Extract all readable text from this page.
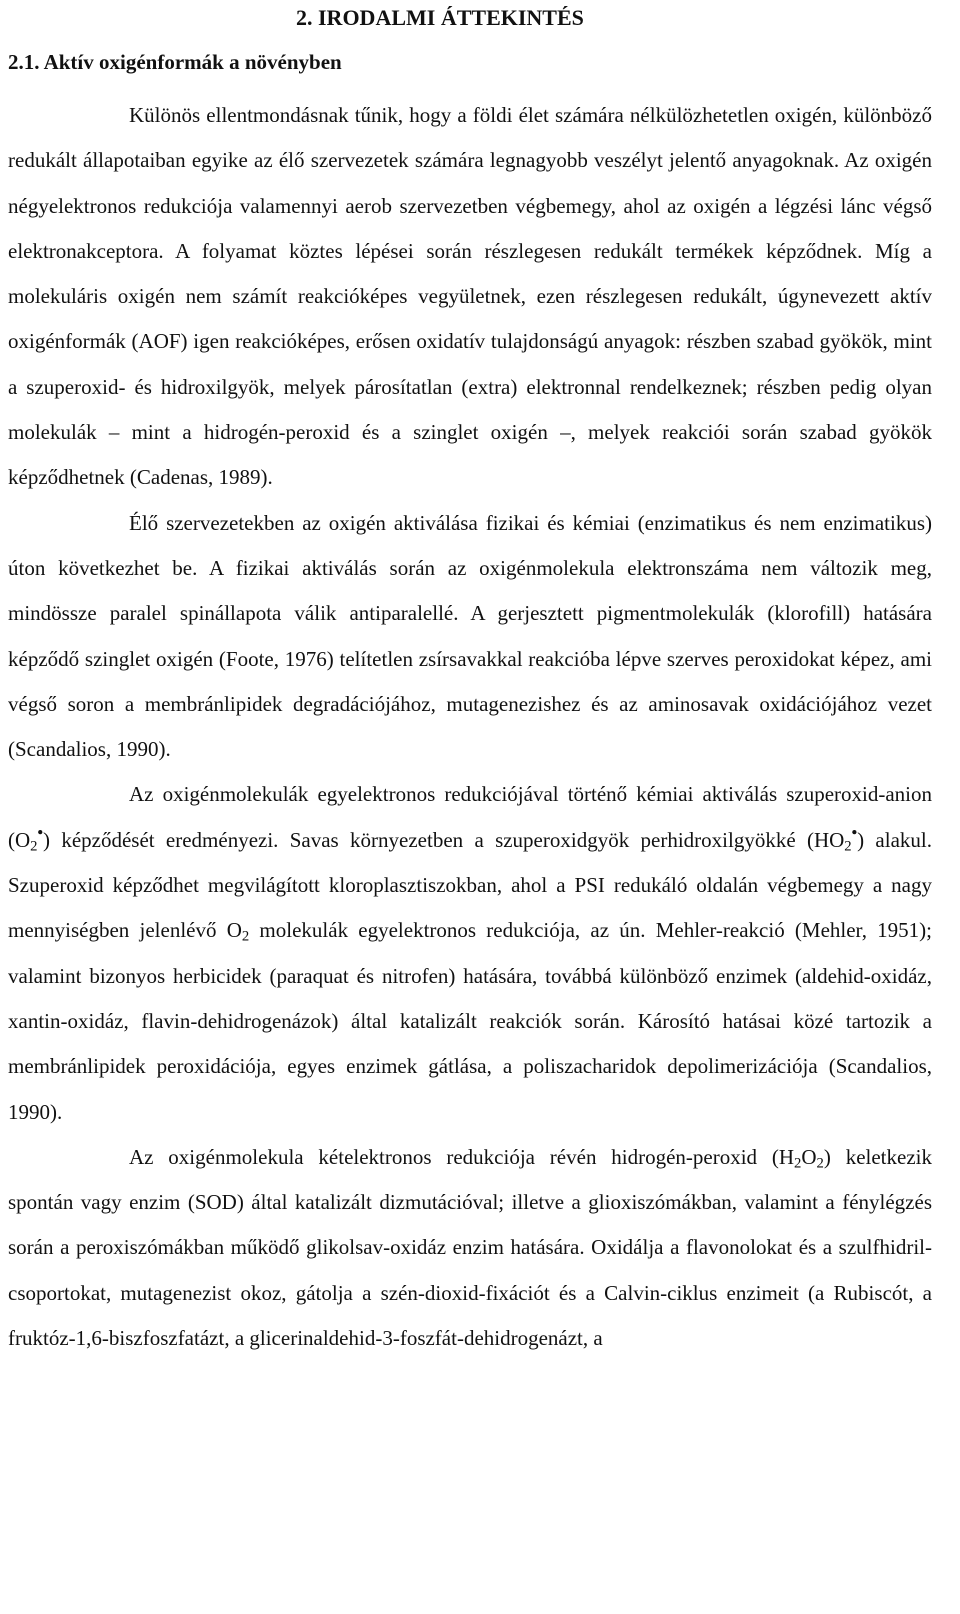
2. IRODALMI ÁTTEKINTÉS
2.1. Aktív oxigénformák a növényben

Különös ellentmondásnak tűnik, hogy a földi élet számára nélkülözhetetlen oxigén, különböző redukált állapotaiban egyike az élő szervezetek számára legnagyobb veszélyt jelentő anyagoknak. Az oxigén négyelektronos redukciója valamennyi aerob szervezetben végbemegy, ahol az oxigén a légzési lánc végső elektronakceptora. A folyamat köztes lépései során részlegesen redukált termékek képződnek. Míg a molekuláris oxigén nem számít reakcióképes vegyületnek, ezen részlegesen redukált, úgynevezett aktív oxigénformák (AOF) igen reakcióképes, erősen oxidatív tulajdonságú anyagok: részben szabad gyökök, mint a szuperoxid- és hidroxilgyök, melyek párosítatlan (extra) elektronnal rendelkeznek; részben pedig olyan molekulák – mint a hidrogén-peroxid és a szinglet oxigén –, melyek reakciói során szabad gyökök képződhetnek (Cadenas, 1989).

Élő szervezetekben az oxigén aktiválása fizikai és kémiai (enzimatikus és nem enzimatikus) úton következhet be. A fizikai aktiválás során az oxigénmolekula elektronszáma nem változik meg, mindössze paralel spinállapota válik antiparalellé. A gerjesztett pigmentmolekulák (klorofill) hatására képződő szinglet oxigén (Foote, 1976) telítetlen zsírsavakkal reakcióba lépve szerves peroxidokat képez, ami végső soron a membránlipidek degradációjához, mutagenezishez és az aminosavak oxidációjához vezet (Scandalios, 1990).

Az oxigénmolekulák egyelektronos redukciójával történő kémiai aktiválás szuperoxid-anion $(O_2^•)$ képződését eredményezi. Savas környezetben a szuperoxidgyök perhidroxilgyökké $(HO_2^•)$ alakul. Szuperoxid képződhet megvilágított kloroplasztiszokban, ahol a PSI redukáló oldalán végbemegy a nagy mennyiségben jelenlévő $O_2$ molekulák egyelektronos redukciója, az ún. Mehler-reakció (Mehler, 1951); valamint bizonyos herbicidek (paraquat és nitrofen) hatására, továbbá különböző enzimek (aldehid-oxidáz, xantin-oxidáz, flavin-dehidrogenázok) által katalizált reakciók során. Károsító hatásai közé tartozik a membránlipidek peroxidációja, egyes enzimek gátlása, a poliszacharidok depolimerizációja (Scandalios, 1990).

Az oxigénmolekula kételektronos redukciója révén hidrogén-peroxid $(H_2O_2)$ keletkezik spontán vagy enzim (SOD) által katalizált dizmutációval; illetve a glioxiszómákban, valamint a fénylégzés során a peroxiszómákban működő glikolsav-oxidáz enzim hatására. Oxidálja a flavonolokat és a szulfhidril-csoportokat, mutagenezist okoz, gátolja a szén-dioxid-fixációt és a Calvin-ciklus enzimeit (a Rubiscót, a fruktóz-1,6-biszfoszfatázt, a glicerinaldehid-3-foszfát-dehidrogenázt, a
